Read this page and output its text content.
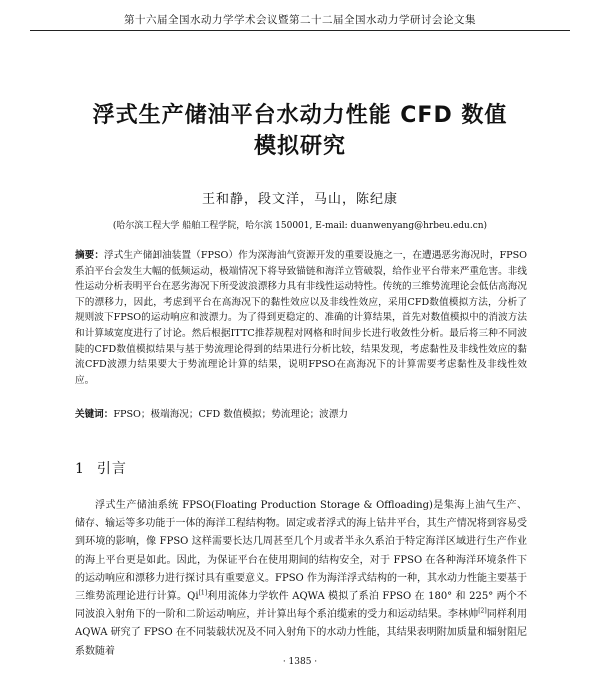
第十六届全国水动力学学术会议暨第二十二届全国水动力学研讨会论文集
浮式生产储油平台水动力性能 CFD 数值
模拟研究
王和静，段文洋，马山，陈纪康
(哈尔滨工程大学 船舶工程学院，哈尔滨 150001, E-mail: duanwenyang@hrbeu.edu.cn)

摘要：浮式生产储卸油装置（FPSO）作为深海油气资源开发的重要设施之一，在遭遇恶劣海况时，FPSO系泊平台会发生大幅的低频运动，极端情况下将导致锚链和海洋立管破裂，给作业平台带来严重危害。非线性运动分析表明平台在恶劣海况下所受波浪漂移力具有非线性运动特性。传统的三维势流理论会低估高海况下的漂移力，因此，考虑到平台在高海况下的黏性效应以及非线性效应，采用CFD数值模拟方法，分析了规则波下FPSO的运动响应和波漂力。为了得到更稳定的、准确的计算结果，首先对数值模拟中的消波方法和计算域宽度进行了讨论。然后根据ITTC推荐规程对网格和时间步长进行收敛性分析。最后将三种不同波陡的CFD数值模拟结果与基于势流理论得到的结果进行分析比较，结果发现，考虑黏性及非线性效应的黏流CFD波漂力结果要大于势流理论计算的结果，说明FPSO在高海况下的计算需要考虑黏性及非线性效应。

关键词：FPSO；极端海况；CFD 数值模拟；势流理论；波漂力

1 引言

浮式生产储油系统 FPSO(Floating Production Storage & Offloading)是集海上油气生产、储存、输运等多功能于一体的海洋工程结构物。固定或者浮式的海上钻井平台，其生产情况将到容易受到环境的影响，像 FPSO 这样需要长达几周甚至几个月或者半永久系泊于特定海洋区域进行生产作业的海上平台更是如此。因此，为保证平台在使用期间的结构安全，对于 FPSO 在各种海洋环境条件下的运动响应和漂移力进行探讨具有重要意义。FPSO 作为海洋浮式结构的一种，其水动力性能主要基于三维势流理论进行计算。Qi[1]利用流体力学软件 AQWA 模拟了系泊 FPSO 在 180° 和 225° 两个不同波浪入射角下的一阶和二阶运动响应，并计算出每个系泊缆索的受力和运动结果。李林帅[2]同样利用 AQWA 研究了 FPSO 在不同装载状况及不同入射角下的水动力性能，其结果表明附加质量和辐射阻尼系数随着

· 1385 ·
